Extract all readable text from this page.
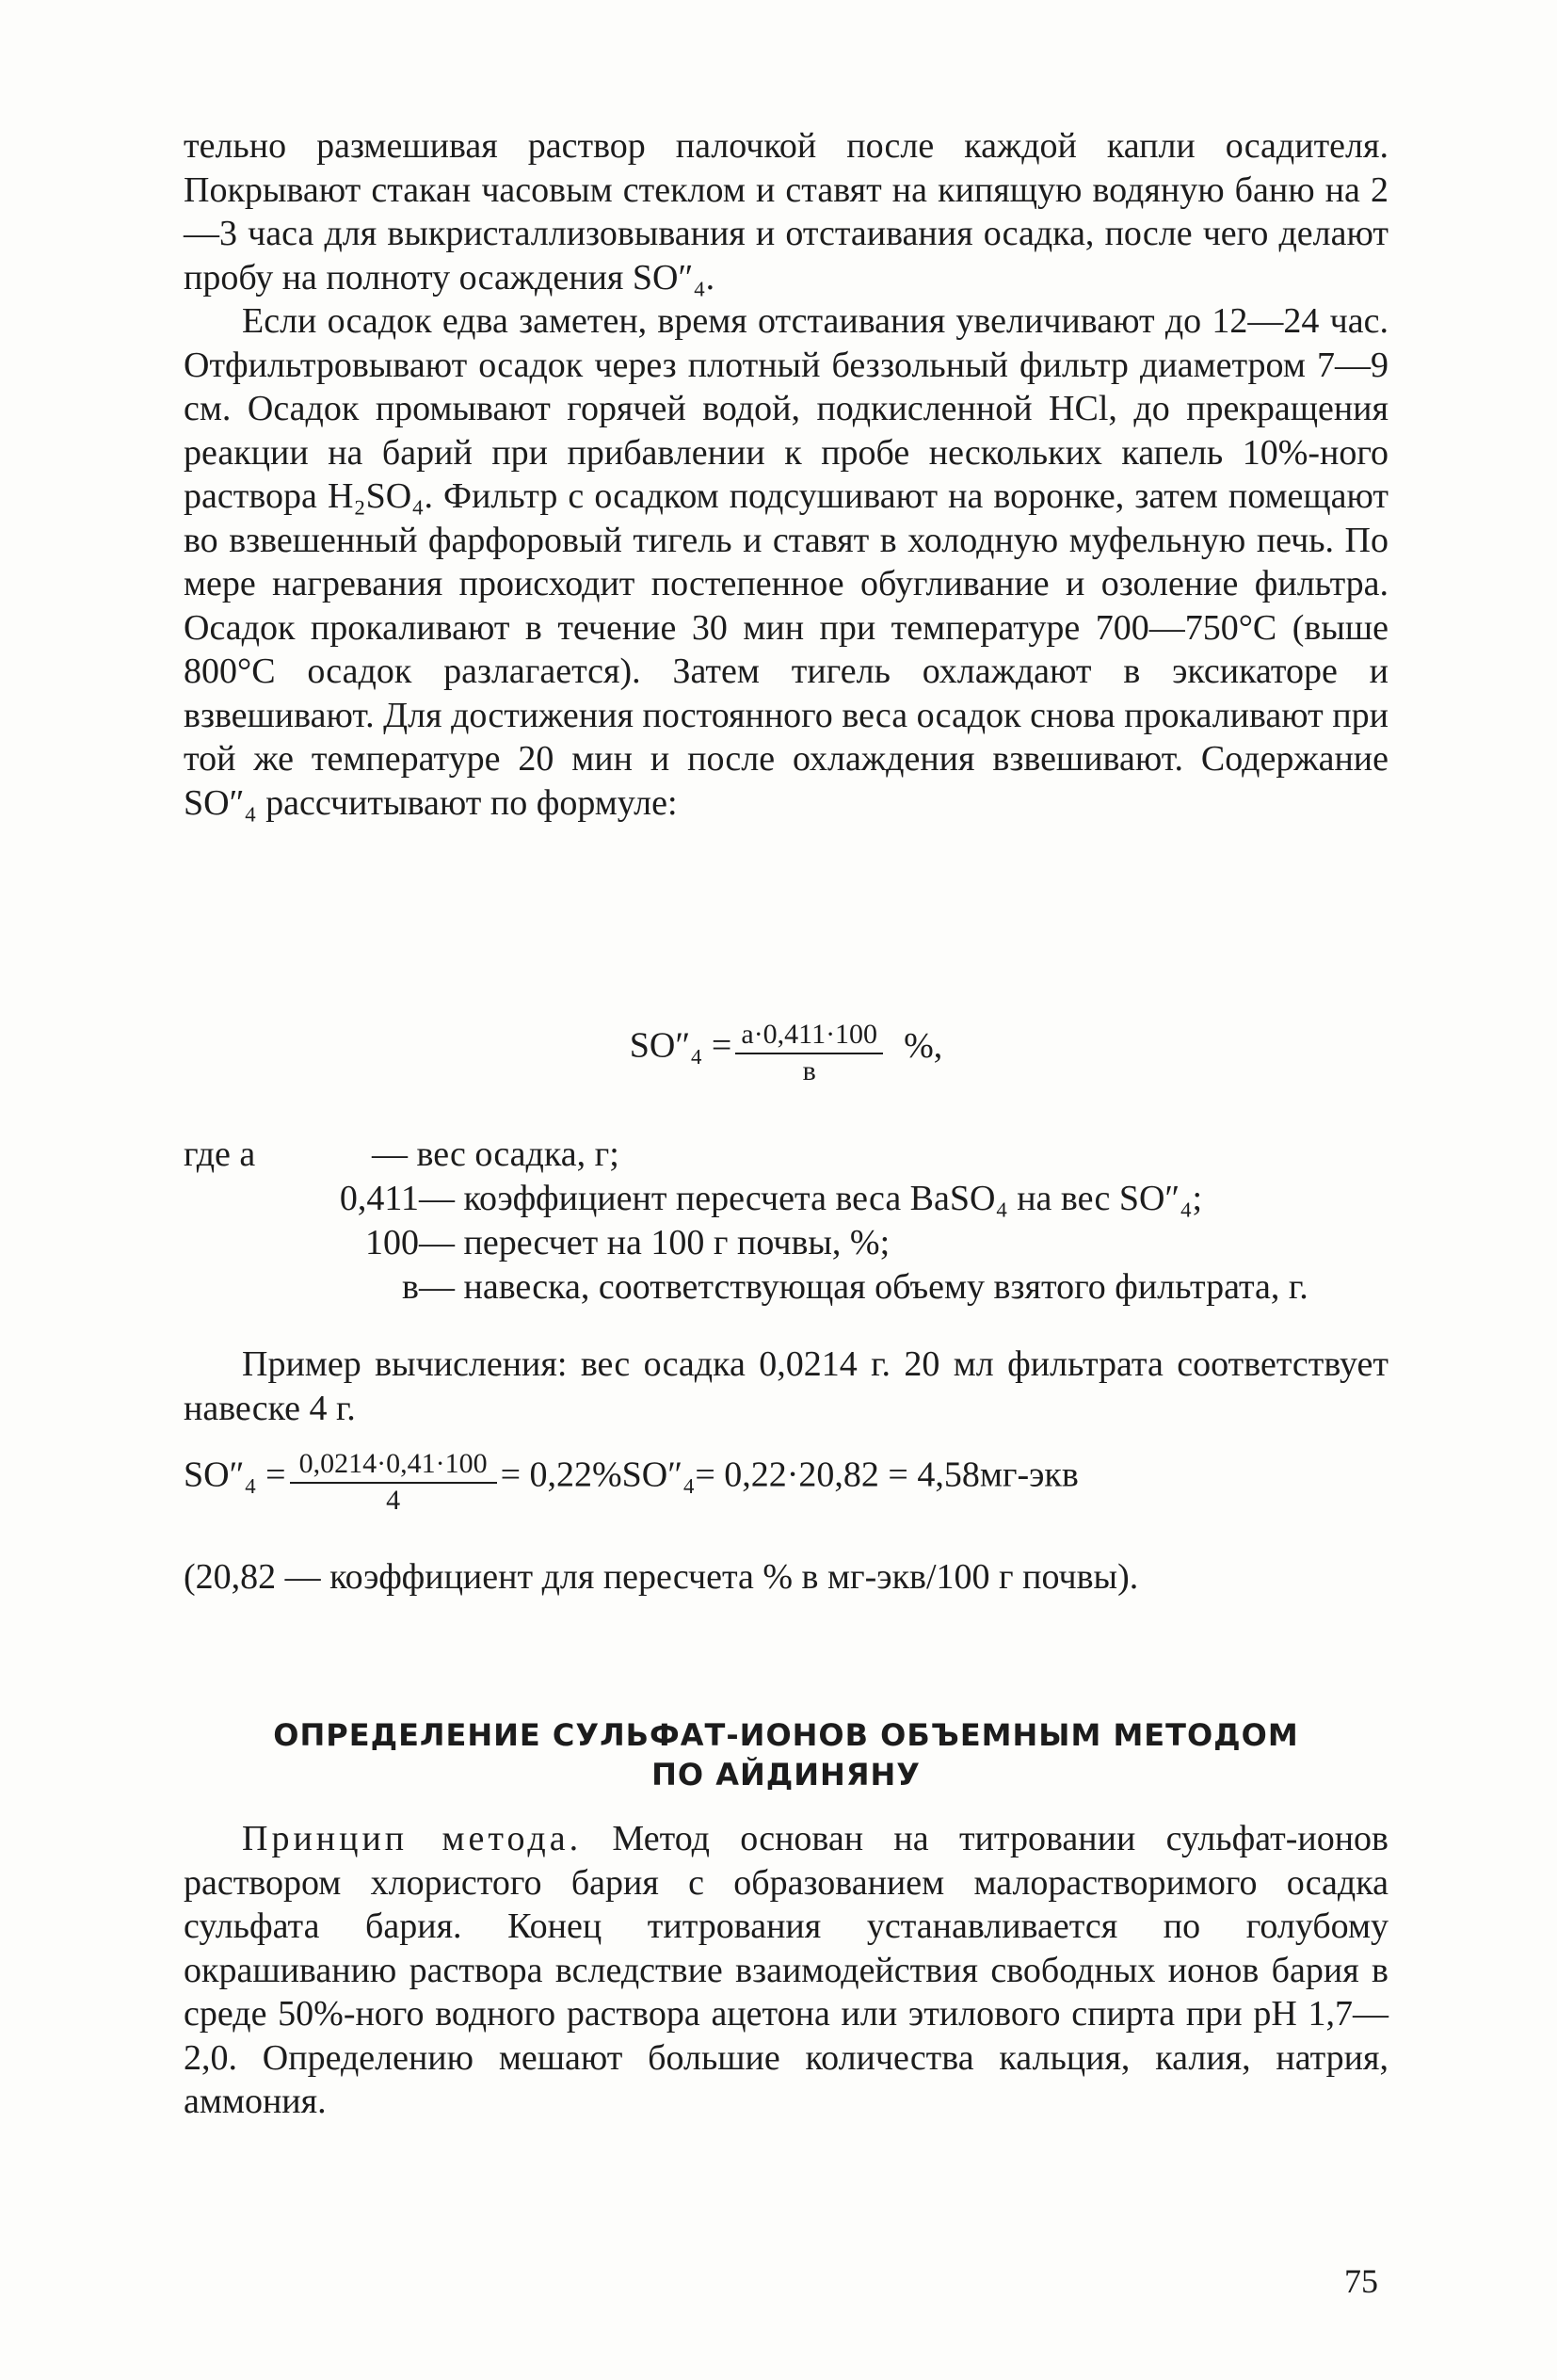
тельно размешивая раствор палочкой после каждой капли осадителя. Покрывают стакан часовым стеклом и ставят на кипящую водяную баню на 2—3 часа для выкристаллизовывания и отстаивания осадка, после чего делают пробу на полноту осаждения SO″₄.

Если осадок едва заметен, время отстаивания увеличивают до 12—24 час. Отфильтровывают осадок через плотный беззольный фильтр диаметром 7—9 см. Осадок промывают горячей водой, подкисленной HCl, до прекращения реакции на барий при прибавлении к пробе нескольких капель 10%-ного раствора H₂SO₄. Фильтр с осадком подсушивают на воронке, затем помещают во взвешенный фарфоровый тигель и ставят в холодную муфельную печь. По мере нагревания происходит постепенное обугливание и озоление фильтра. Осадок прокаливают в течение 30 мин при температуре 700—750°C (выше 800°C осадок разлагается). Затем тигель охлаждают в эксикаторе и взвешивают. Для достижения постоянного веса осадок снова прокаливают при той же температуре 20 мин и после охлаждения взвешивают. Содержание SO″₄ рассчитывают по формуле:

$SO''_4 = \frac{a\cdot 0,411\cdot 100}{в}$ %,
где а	— вес осадка, г;
0,411— коэффициент пересчета веса BaSO₄ на вес SO″₄;
100— пересчет на 100 г почвы, %;
в— навеска, соответствующая объему взятого фильтрата, г.

Пример вычисления: вес осадка 0,0214 г. 20 мл фильтрата соответствует навеске 4 г.

$SO''_4 = \frac{0,0214\cdot 0,41\cdot 100}{4} = 0,22\%SO''_4= 0,22\cdot 20,82 = 4,58мг-экв$

(20,82 — коэффициент для пересчета % в мг-экв/100 г почвы).

ОПРЕДЕЛЕНИЕ СУЛЬФАТ-ИОНОВ ОБЪЕМНЫМ МЕТОДОМ

ПО АЙДИНЯНУ

Принцип метода. Метод основан на титровании сульфат-ионов раствором хлористого бария с образованием малорастворимого осадка сульфата бария. Конец титрования устанавливается по голубому окрашиванию раствора вследствие взаимодействия свободных ионов бария в среде 50%-ного водного раствора ацетона или этилового спирта при pH 1,7—2,0. Определению мешают большие количества кальция, калия, натрия, аммония.

75
